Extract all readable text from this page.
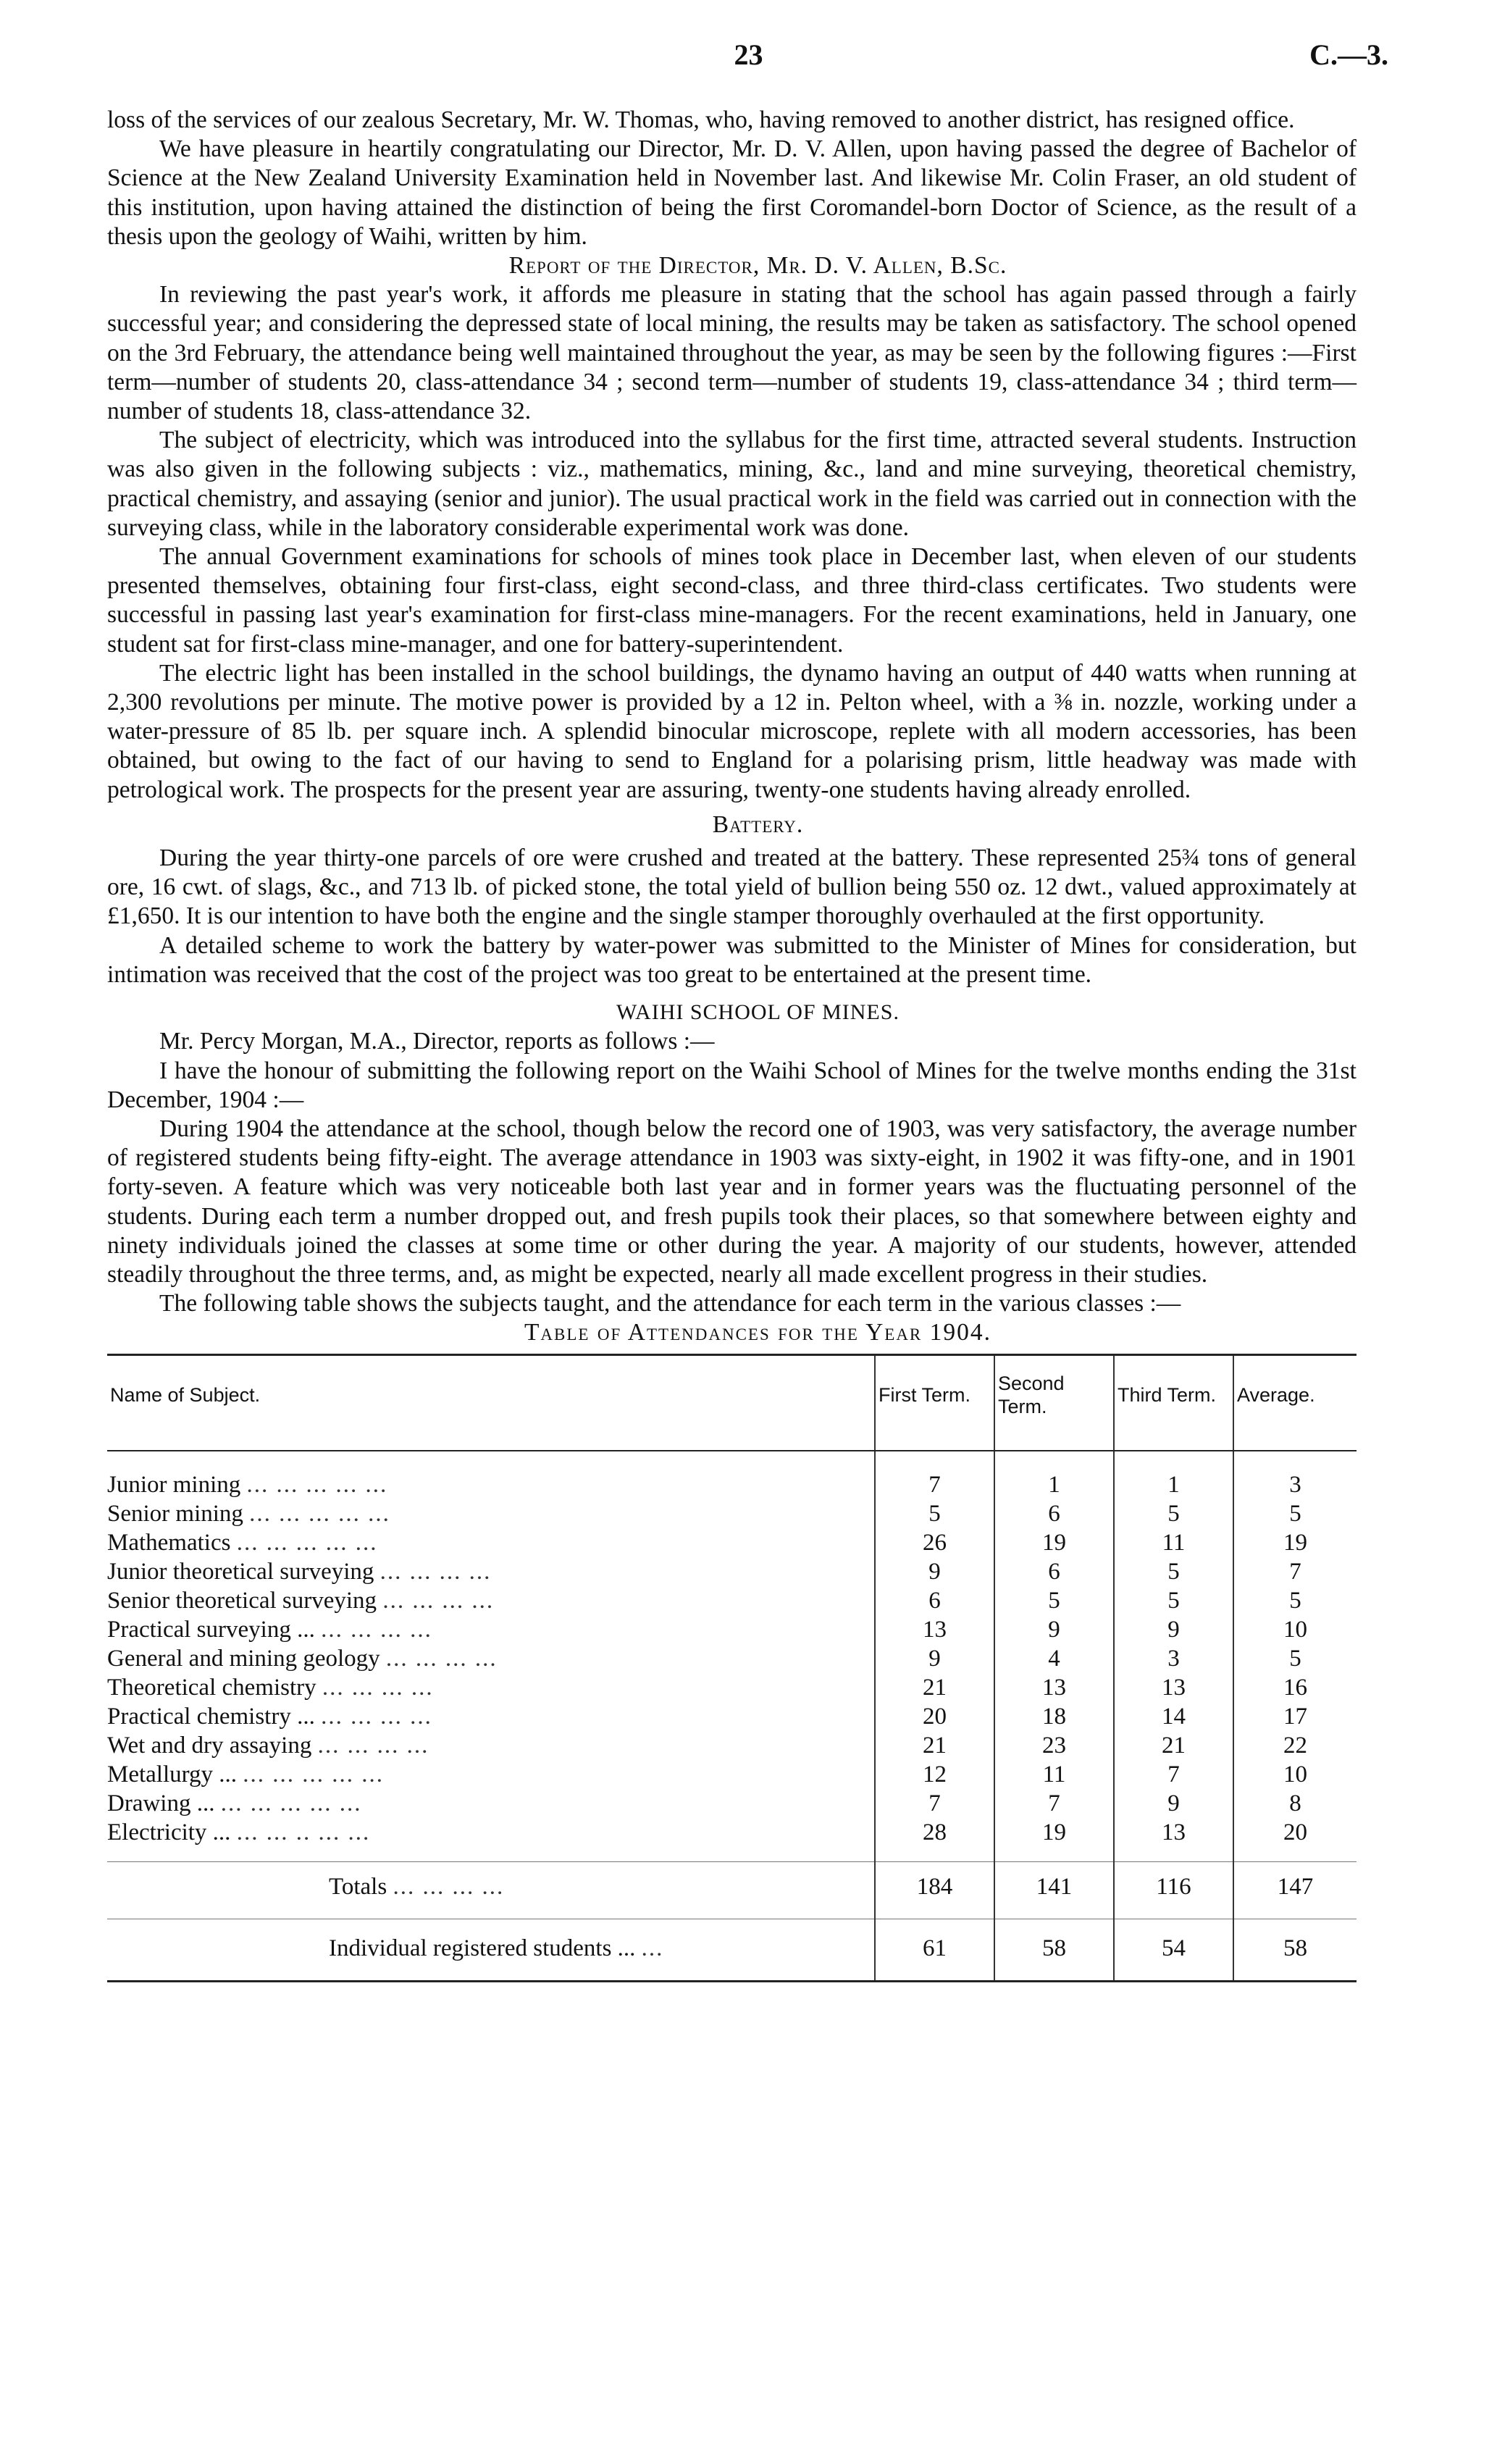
23	C.—3.

loss of the services of our zealous Secretary, Mr. W. Thomas, who, having removed to another district, has resigned office.

We have pleasure in heartily congratulating our Director, Mr. D. V. Allen, upon having passed the degree of Bachelor of Science at the New Zealand University Examination held in November last. And likewise Mr. Colin Fraser, an old student of this institution, upon having attained the distinction of being the first Coromandel-born Doctor of Science, as the result of a thesis upon the geology of Waihi, written by him.

Report of the Director, Mr. D. V. Allen, B.Sc.

In reviewing the past year's work, it affords me pleasure in stating that the school has again passed through a fairly successful year; and considering the depressed state of local mining, the results may be taken as satisfactory. The school opened on the 3rd February, the attendance being well maintained throughout the year, as may be seen by the following figures :—First term—number of students 20, class-attendance 34 ; second term—number of students 19, class-attendance 34 ; third term—number of students 18, class-attendance 32.

The subject of electricity, which was introduced into the syllabus for the first time, attracted several students. Instruction was also given in the following subjects : viz., mathematics, mining, &c., land and mine surveying, theoretical chemistry, practical chemistry, and assaying (senior and junior). The usual practical work in the field was carried out in connection with the surveying class, while in the laboratory considerable experimental work was done.

The annual Government examinations for schools of mines took place in December last, when eleven of our students presented themselves, obtaining four first-class, eight second-class, and three third-class certificates. Two students were successful in passing last year's examination for first-class mine-managers. For the recent examinations, held in January, one student sat for first-class mine-manager, and one for battery-superintendent.

The electric light has been installed in the school buildings, the dynamo having an output of 440 watts when running at 2,300 revolutions per minute. The motive power is provided by a 12 in. Pelton wheel, with a ⅜ in. nozzle, working under a water-pressure of 85 lb. per square inch. A splendid binocular microscope, replete with all modern accessories, has been obtained, but owing to the fact of our having to send to England for a polarising prism, little headway was made with petrological work. The prospects for the present year are assuring, twenty-one students having already enrolled.

Battery.

During the year thirty-one parcels of ore were crushed and treated at the battery. These represented 25¾ tons of general ore, 16 cwt. of slags, &c., and 713 lb. of picked stone, the total yield of bullion being 550 oz. 12 dwt., valued approximately at £1,650. It is our intention to have both the engine and the single stamper thoroughly overhauled at the first opportunity.

A detailed scheme to work the battery by water-power was submitted to the Minister of Mines for consideration, but intimation was received that the cost of the project was too great to be entertained at the present time.

WAIHI SCHOOL OF MINES.

Mr. Percy Morgan, M.A., Director, reports as follows :—

I have the honour of submitting the following report on the Waihi School of Mines for the twelve months ending the 31st December, 1904 :—

During 1904 the attendance at the school, though below the record one of 1903, was very satisfactory, the average number of registered students being fifty-eight. The average attendance in 1903 was sixty-eight, in 1902 it was fifty-one, and in 1901 forty-seven. A feature which was very noticeable both last year and in former years was the fluctuating personnel of the students. During each term a number dropped out, and fresh pupils took their places, so that somewhere between eighty and ninety individuals joined the classes at some time or other during the year. A majority of our students, however, attended steadily throughout the three terms, and, as might be expected, nearly all made excellent progress in their studies.

The following table shows the subjects taught, and the attendance for each term in the various classes :—

Table of Attendances for the Year 1904.

Name of Subject.	First Term.	Second Term.	Third Term.	Average.
Junior mining ... ... ... ... ...	7	1	1	3
Senior mining ... ... ... ... ...	5	6	5	5
Mathematics ... ... ... ... ...	26	19	11	19
Junior theoretical surveying ... ... ... ...	9	6	5	7
Senior theoretical surveying ... ... ... ...	6	5	5	5
Practical surveying ... ... ... ... ...	13	9	9	10
General and mining geology ... ... ... ...	9	4	3	5
Theoretical chemistry ... ... ... ...	21	13	13	16
Practical chemistry ... ... ... ... ...	20	18	14	17
Wet and dry assaying ... ... ... ...	21	23	21	22
Metallurgy ... ... ... ... ... ...	12	11	7	10
Drawing ... ... ... ... ... ...	7	7	9	8
Electricity ... ... ... .. ... ...	28	19	13	20
Totals ... ... ... ...	184	141	116	147
Individual registered students ... ...	61	58	54	58
